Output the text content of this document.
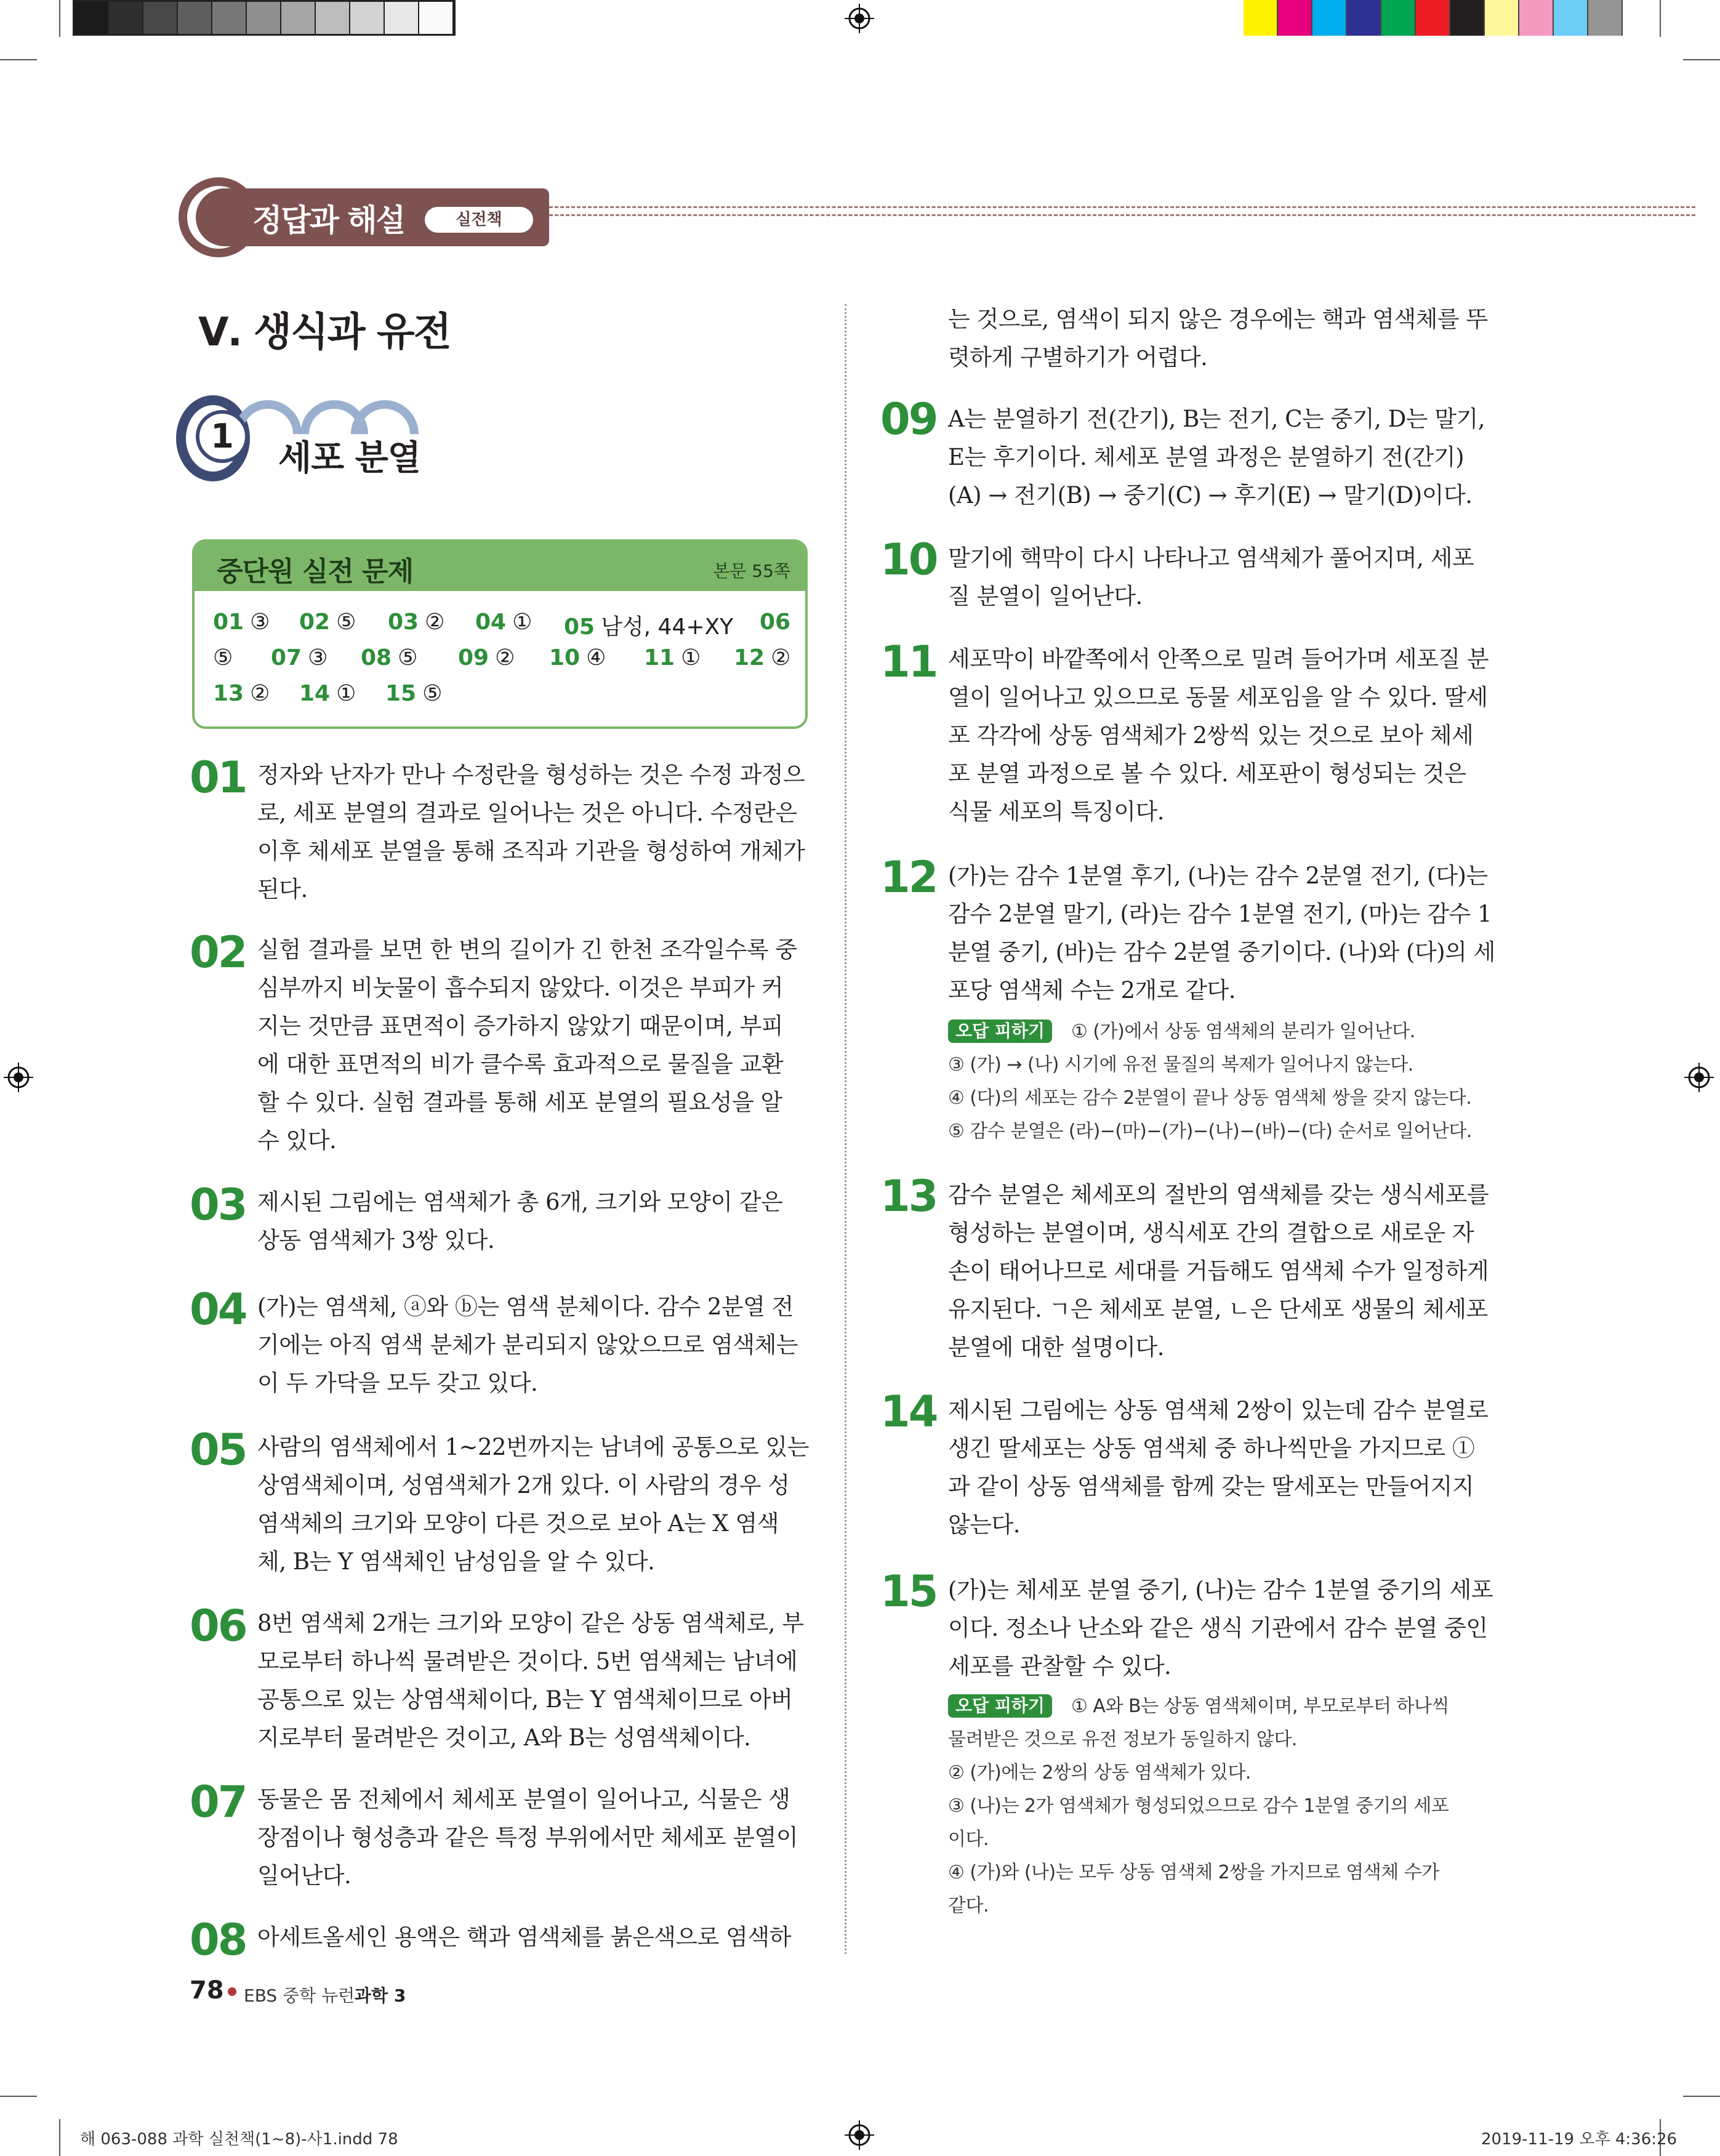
정답과 해설	실전책
Ⅴ. 생식과 유전
1
세포 분열
중단원 실전 문제	본문 55쪽
01 ③ 02 ⑤ 03 ② 04 ① 05 남성, 44+XY 06
⑤ 07 ③ 08 ⑤ 09 ② 10 ④ 11 ① 12 ②
13 ② 14 ① 15 ⑤
01 정자와 난자가 만나 수정란을 형성하는 것은 수정 과정으
로, 세포 분열의 결과로 일어나는 것은 아니다. 수정란은
이후 체세포 분열을 통해 조직과 기관을 형성하여 개체가
된다.
02 실험 결과를 보면 한 변의 길이가 긴 한천 조각일수록 중
심부까지 비눗물이 흡수되지 않았다. 이것은 부피가 커
지는 것만큼 표면적이 증가하지 않았기 때문이며, 부피
에 대한 표면적의 비가 클수록 효과적으로 물질을 교환
할 수 있다. 실험 결과를 통해 세포 분열의 필요성을 알
수 있다.
03 제시된 그림에는 염색체가 총 6개, 크기와 모양이 같은
상동 염색체가 3쌍 있다.
04 (가)는 염색체, ⓐ와 ⓑ는 염색 분체이다. 감수 2분열 전
기에는 아직 염색 분체가 분리되지 않았으므로 염색체는
이 두 가닥을 모두 갖고 있다.
05 사람의 염색체에서 1~22번까지는 남녀에 공통으로 있는
상염색체이며, 성염색체가 2개 있다. 이 사람의 경우 성
염색체의 크기와 모양이 다른 것으로 보아 A는 X 염색
체, B는 Y 염색체인 남성임을 알 수 있다.
06 8번 염색체 2개는 크기와 모양이 같은 상동 염색체로, 부
모로부터 하나씩 물려받은 것이다. 5번 염색체는 남녀에
공통으로 있는 상염색체이다, B는 Y 염색체이므로 아버
지로부터 물려받은 것이고, A와 B는 성염색체이다.
07 동물은 몸 전체에서 체세포 분열이 일어나고, 식물은 생
장점이나 형성층과 같은 특정 부위에서만 체세포 분열이
일어난다.
08 아세트올세인 용액은 핵과 염색체를 붉은색으로 염색하
는 것으로, 염색이 되지 않은 경우에는 핵과 염색체를 뚜
렷하게 구별하기가 어렵다.
09 A는 분열하기 전(간기), B는 전기, C는 중기, D는 말기,
E는 후기이다. 체세포 분열 과정은 분열하기 전(간기)
(A) → 전기(B) → 중기(C) → 후기(E) → 말기(D)이다.
10 말기에 핵막이 다시 나타나고 염색체가 풀어지며, 세포
질 분열이 일어난다.
11 세포막이 바깥쪽에서 안쪽으로 밀려 들어가며 세포질 분
열이 일어나고 있으므로 동물 세포임을 알 수 있다. 딸세
포 각각에 상동 염색체가 2쌍씩 있는 것으로 보아 체세
포 분열 과정으로 볼 수 있다. 세포판이 형성되는 것은
식물 세포의 특징이다.
12 (가)는 감수 1분열 후기, (나)는 감수 2분열 전기, (다)는
감수 2분열 말기, (라)는 감수 1분열 전기, (마)는 감수 1
분열 중기, (바)는 감수 2분열 중기이다. (나)와 (다)의 세
포당 염색체 수는 2개로 같다.
오답 피하기	① (가)에서 상동 염색체의 분리가 일어난다.
③ (가) → (나) 시기에 유전 물질의 복제가 일어나지 않는다.
④ (다)의 세포는 감수 2분열이 끝나 상동 염색체 쌍을 갖지 않는다.
⑤ 감수 분열은 (라)−(마)−(가)−(나)−(바)−(다) 순서로 일어난다.
13 감수 분열은 체세포의 절반의 염색체를 갖는 생식세포를
형성하는 분열이며, 생식세포 간의 결합으로 새로운 자
손이 태어나므로 세대를 거듭해도 염색체 수가 일정하게
유지된다. ㄱ은 체세포 분열, ㄴ은 단세포 생물의 체세포
분열에 대한 설명이다.
14 제시된 그림에는 상동 염색체 2쌍이 있는데 감수 분열로
생긴 딸세포는 상동 염색체 중 하나씩만을 가지므로 ①
과 같이 상동 염색체를 함께 갖는 딸세포는 만들어지지
않는다.
15 (가)는 체세포 분열 중기, (나)는 감수 1분열 중기의 세포
이다. 정소나 난소와 같은 생식 기관에서 감수 분열 중인
세포를 관찰할 수 있다.
오답 피하기	① A와 B는 상동 염색체이며, 부모로부터 하나씩
물려받은 것으로 유전 정보가 동일하지 않다.
② (가)에는 2쌍의 상동 염색체가 있다.
③ (나)는 2가 염색체가 형성되었으므로 감수 1분열 중기의 세포
이다.
④ (가)와 (나)는 모두 상동 염색체 2쌍을 가지므로 염색체 수가
같다.
78 EBS 중학 뉴런 과학 3
해 063-088 과학 실천책(1~8)-사1.indd 78	2019-11-19 오후 4:36:26
